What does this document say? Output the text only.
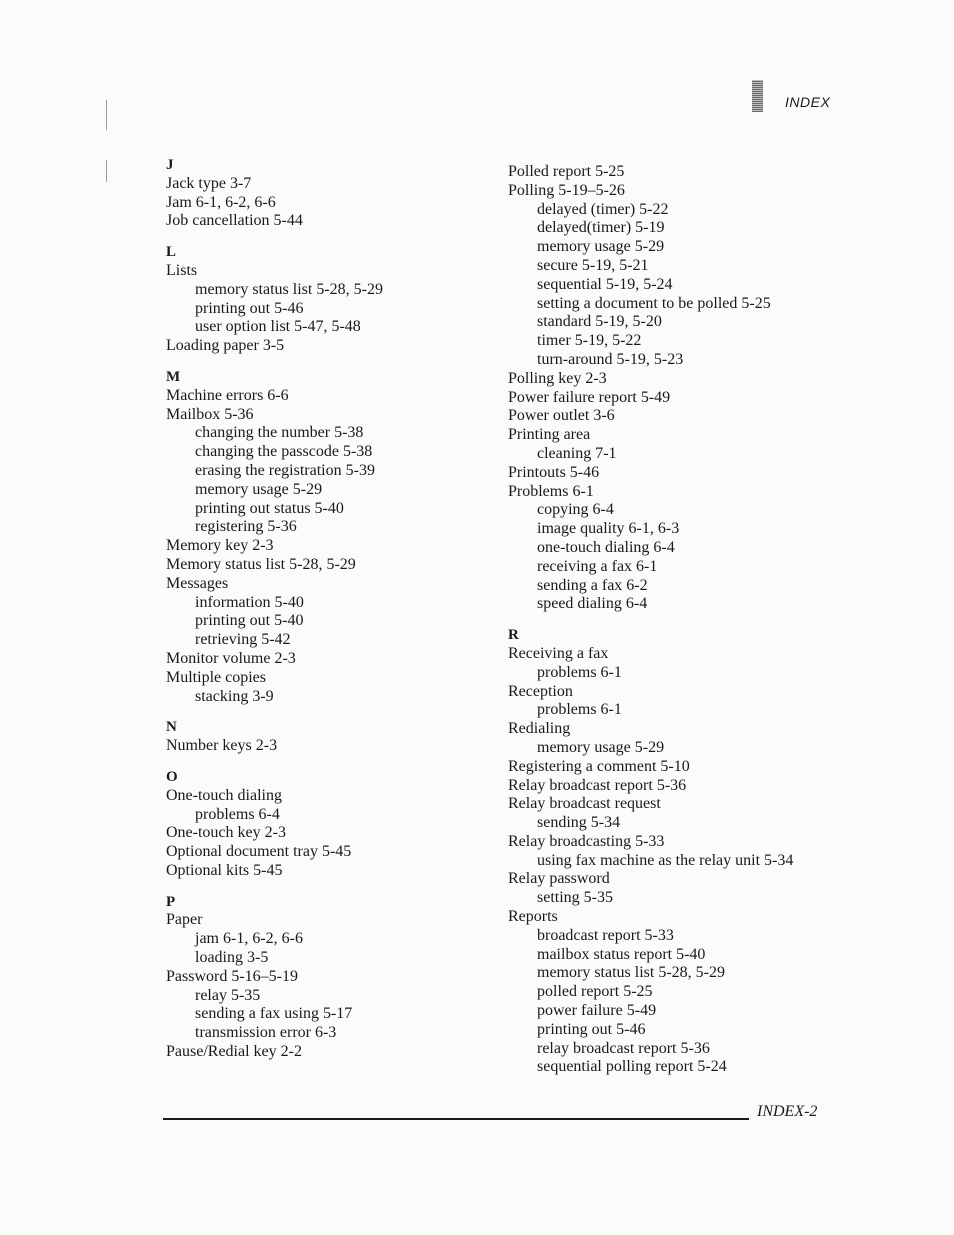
INDEX
J
Jack type 3-7
Jam 6-1, 6-2, 6-6
Job cancellation 5-44
L
Lists
memory status list 5-28, 5-29
printing out 5-46
user option list 5-47, 5-48
Loading paper 3-5
M
Machine errors 6-6
Mailbox 5-36
changing the number 5-38
changing the passcode 5-38
erasing the registration 5-39
memory usage 5-29
printing out status 5-40
registering 5-36
Memory key 2-3
Memory status list 5-28, 5-29
Messages
information 5-40
printing out 5-40
retrieving 5-42
Monitor volume 2-3
Multiple copies
stacking 3-9
N
Number keys 2-3
O
One-touch dialing
problems 6-4
One-touch key 2-3
Optional document tray 5-45
Optional kits 5-45
P
Paper
jam 6-1, 6-2, 6-6
loading 3-5
Password 5-16–5-19
relay 5-35
sending a fax using 5-17
transmission error 6-3
Pause/Redial key 2-2
Polled report 5-25
Polling 5-19–5-26
delayed (timer) 5-22
delayed(timer) 5-19
memory usage 5-29
secure 5-19, 5-21
sequential 5-19, 5-24
setting a document to be polled 5-25
standard 5-19, 5-20
timer 5-19, 5-22
turn-around 5-19, 5-23
Polling key 2-3
Power failure report 5-49
Power outlet 3-6
Printing area
cleaning 7-1
Printouts 5-46
Problems 6-1
copying 6-4
image quality 6-1, 6-3
one-touch dialing 6-4
receiving a fax 6-1
sending a fax 6-2
speed dialing 6-4
R
Receiving a fax
problems 6-1
Reception
problems 6-1
Redialing
memory usage 5-29
Registering a comment 5-10
Relay broadcast report 5-36
Relay broadcast request
sending 5-34
Relay broadcasting 5-33
using fax machine as the relay unit 5-34
Relay password
setting 5-35
Reports
broadcast report 5-33
mailbox status report 5-40
memory status list 5-28, 5-29
polled report 5-25
power failure 5-49
printing out 5-46
relay broadcast report 5-36
sequential polling report 5-24
INDEX-2
